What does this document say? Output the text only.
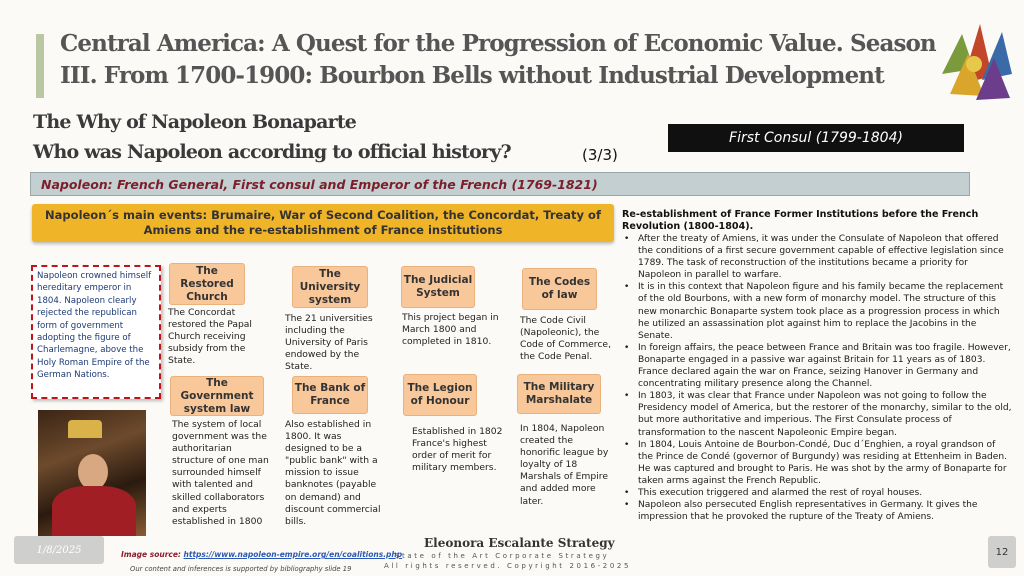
Central America: A Quest for the Progression of Economic Value. Season III. From 1700-1900: Bourbon Bells without Industrial Development
The Why of Napoleon Bonaparte
Who was Napoleon according to official history?	(3/3)
First Consul (1799-1804)
Napoleon: French General, First consul and Emperor of the French (1769-1821)
Napoleon´s main events: Brumaire, War of Second Coalition, the Concordat, Treaty of Amiens and the re-establishment of France institutions
Napoleon crowned himself hereditary emperor in 1804. Napoleon clearly rejected the republican form of government adopting the figure of Charlemagne, above the Holy Roman Empire of the German Nations.
The Restored Church
The Concordat restored the Papal Church receiving subsidy from the State.
The University system
The 21 universities including the University of Paris endowed by the State.
The Judicial System
This project began in March 1800 and completed in 1810.
The Codes of law
The Code Civil (Napoleonic), the Code of Commerce, the Code Penal.
The Government system law
The system of local government was the authoritarian structure of one man surrounded himself with talented and skilled collaborators and experts established in 1800
The Bank of France
Also established in 1800. It was designed to be a "public bank" with a mission to issue banknotes (payable on demand) and discount commercial bills.
The Legion of Honour
Established in 1802 France's highest order of merit for military members.
The Military Marshalate
In 1804, Napoleon created the honorific league by loyalty of 18 Marshals of Empire and added more later.
Re-establishment of France Former Institutions before the French Revolution (1800-1804).
• After the treaty of Amiens, it was under the Consulate of Napoleon that offered the conditions of a first secure government capable of effective legislation since 1789. The task of reconstruction of the institutions became a priority for Napoleon in parallel to warfare.
• It is in this context that Napoleon figure and his family became the replacement of the old Bourbons, with a new form of monarchy model. The structure of this new monarchic Bonaparte system took place as a progression process in which he utilized an assassination plot against him to replace the Jacobins in the Senate.
• In foreign affairs, the peace between France and Britain was too fragile. However, Bonaparte engaged in a passive war against Britain for 11 years as of 1803. France declared again the war on France, seizing Hanover in Germany and concentrating military presence along the Channel.
• In 1803, it was clear that France under Napoleon was not going to follow the Presidency model of America, but the restorer of the monarchy, similar to the old, but more authoritative and imperious. The First Consulate process of transformation to the nascent Napoleonic Empire began.
• In 1804, Louis Antoine de Bourbon-Condé, Duc d´Enghien, a royal grandson of the Prince de Condé (governor of Burgundy) was residing at Ettenheim in Baden. He was captured and brought to Paris. He was shot by the army of Bonaparte for taken arms against the French Republic.
• This execution triggered and alarmed the rest of royal houses.
• Napoleon also persecuted English representatives in Germany. It gives the impression that he provoked the rupture of the Treaty of Amiens.
1/8/2025	Image source: https://www.napoleon-empire.org/en/coalitions.php
Our content and inferences is supported by bibliography slide 19
Eleonora Escalante Strategy
State of the Art Corporate Strategy
All rights reserved. Copyright 2016-2025
12
